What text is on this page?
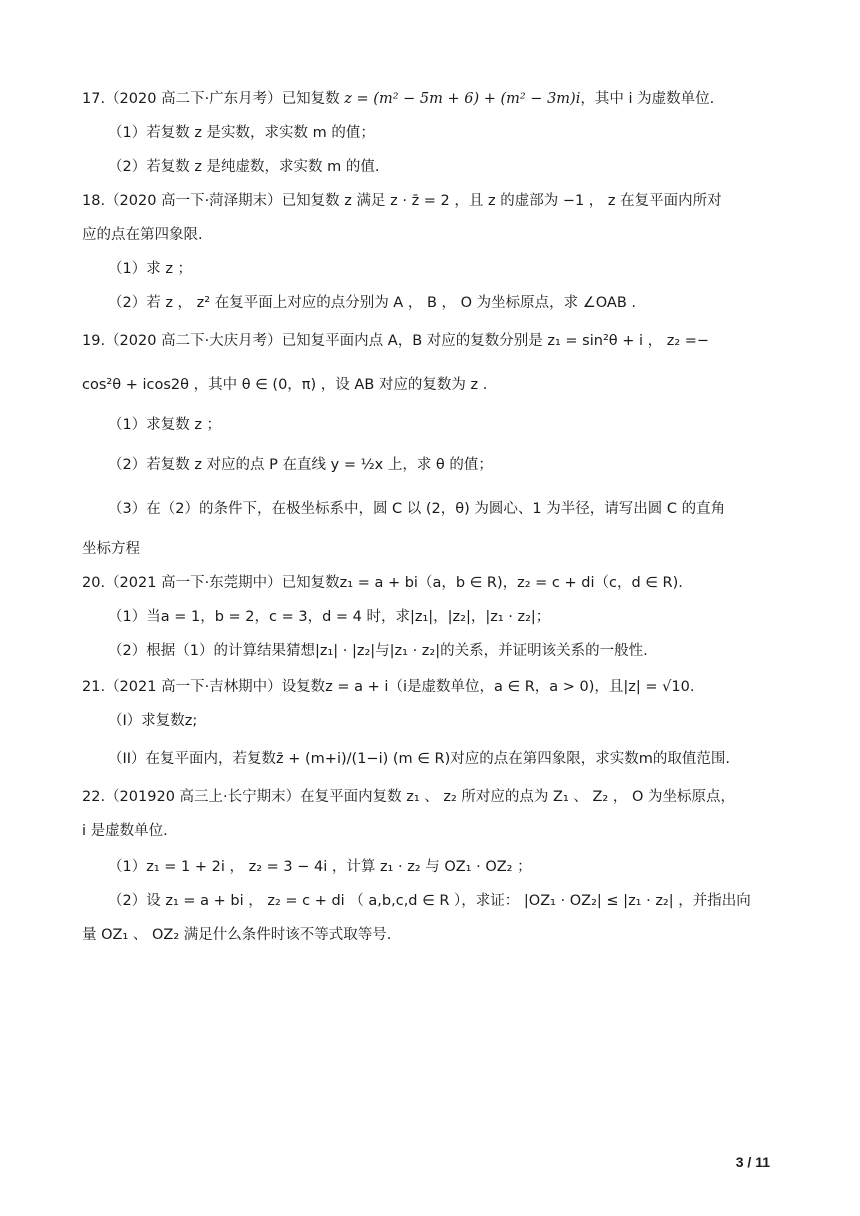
17.（2020 高二下·广东月考）已知复数 z = (m² − 5m + 6) + (m² − 3m)i，其中 i 为虚数单位.
（1）若复数 z 是实数，求实数 m 的值；
（2）若复数 z 是纯虚数，求实数 m 的值.
18.（2020 高一下·菏泽期末）已知复数 z 满足 z · z̄ = 2 ，且 z 的虚部为 −1 ， z 在复平面内所对
应的点在第四象限.
（1）求 z ；
（2）若 z ， z² 在复平面上对应的点分别为 A ， B ， O 为坐标原点，求 ∠OAB .
19.（2020 高二下·大庆月考）已知复平面内点 A，B 对应的复数分别是 z₁ = sin²θ + i ， z₂ =−
cos²θ + icos2θ ，其中 θ ∈ (0，π) ，设 AB 对应的复数为 z .
（1）求复数 z ；
（2）若复数 z 对应的点 P 在直线 y = ½x 上，求 θ 的值；
（3）在（2）的条件下，在极坐标系中，圆 C 以 (2，θ) 为圆心、1 为半径，请写出圆 C 的直角
坐标方程
20.（2021 高一下·东莞期中）已知复数z₁ = a + bi（a，b ∈ R)，z₂ = c + di（c，d ∈ R).
（1）当a = 1，b = 2，c = 3，d = 4 时，求|z₁|，|z₂|，|z₁ · z₂|；
（2）根据（1）的计算结果猜想|z₁| · |z₂|与|z₁ · z₂|的关系，并证明该关系的一般性.
21.（2021 高一下·吉林期中）设复数z = a + i（i是虚数单位，a ∈ R，a > 0)，且|z| = √10.
（I）求复数z;
（II）在复平面内，若复数z̄ + (m+i)/(1−i) (m ∈ R)对应的点在第四象限，求实数m的取值范围.
22.（201920 高三上·长宁期末）在复平面内复数 z₁ 、 z₂ 所对应的点为 Z₁ 、 Z₂ ， O 为坐标原点，
i 是虚数单位.
（1）z₁ = 1 + 2i ， z₂ = 3 − 4i ，计算 z₁ · z₂ 与 OZ₁ · OZ₂ ；
（2）设 z₁ = a + bi ， z₂ = c + di （ a,b,c,d ∈ R ），求证： |OZ₁ · OZ₂| ≤ |z₁ · z₂| ，并指出向
量 OZ₁ 、 OZ₂ 满足什么条件时该不等式取等号.
3 / 11
